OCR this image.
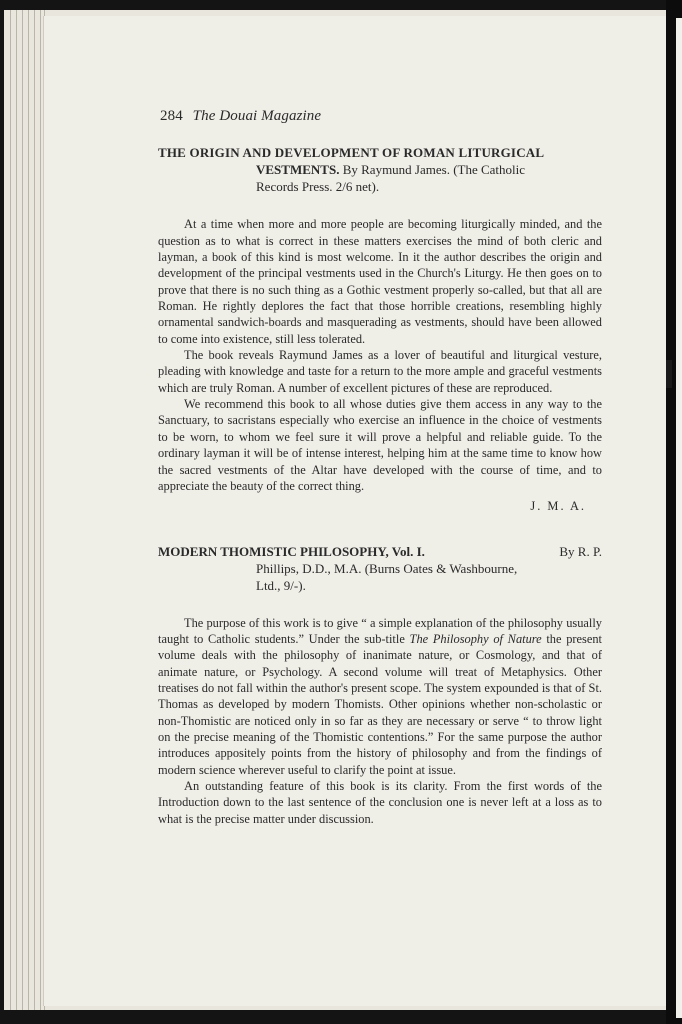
284 The Douai Magazine
THE ORIGIN AND DEVELOPMENT OF ROMAN LITURGICAL
VESTMENTS. By Raymund James. (The Catholic
Records Press. 2/6 net).

At a time when more and more people are becoming liturgically minded, and the question as to what is correct in these matters exercises the mind of both cleric and layman, a book of this kind is most welcome. In it the author describes the origin and development of the principal vestments used in the Church's Liturgy. He then goes on to prove that there is no such thing as a Gothic vestment properly so-called, but that all are Roman. He rightly deplores the fact that those horrible creations, resembling highly ornamental sandwich-boards and masquerading as vestments, should have been allowed to come into existence, still less tolerated.

The book reveals Raymund James as a lover of beautiful and liturgical vesture, pleading with knowledge and taste for a return to the more ample and graceful vestments which are truly Roman. A number of excellent pictures of these are reproduced.

We recommend this book to all whose duties give them access in any way to the Sanctuary, to sacristans especially who exercise an influence in the choice of vestments to be worn, to whom we feel sure it will prove a helpful and reliable guide. To the ordinary layman it will be of intense interest, helping him at the same time to know how the sacred vestments of the Altar have developed with the course of time, and to appreciate the beauty of the correct thing.

J. M. A.
MODERN THOMISTIC PHILOSOPHY, Vol. I.	By R. P.
Phillips, D.D., M.A. (Burns Oates & Washbourne,
Ltd., 9/-).

The purpose of this work is to give “ a simple explanation of the philosophy usually taught to Catholic students.” Under the sub-title The Philosophy of Nature the present volume deals with the philosophy of inanimate nature, or Cosmology, and that of animate nature, or Psychology. A second volume will treat of Metaphysics. Other treatises do not fall within the author's present scope. The system expounded is that of St. Thomas as developed by modern Thomists. Other opinions whether non-scholastic or non-Thomistic are noticed only in so far as they are necessary or serve “ to throw light on the precise meaning of the Thomistic contentions.” For the same purpose the author introduces appositely points from the history of philosophy and from the findings of modern science wherever useful to clarify the point at issue.

An outstanding feature of this book is its clarity. From the first words of the Introduction down to the last sentence of the conclusion one is never left at a loss as to what is the precise matter under discussion.
